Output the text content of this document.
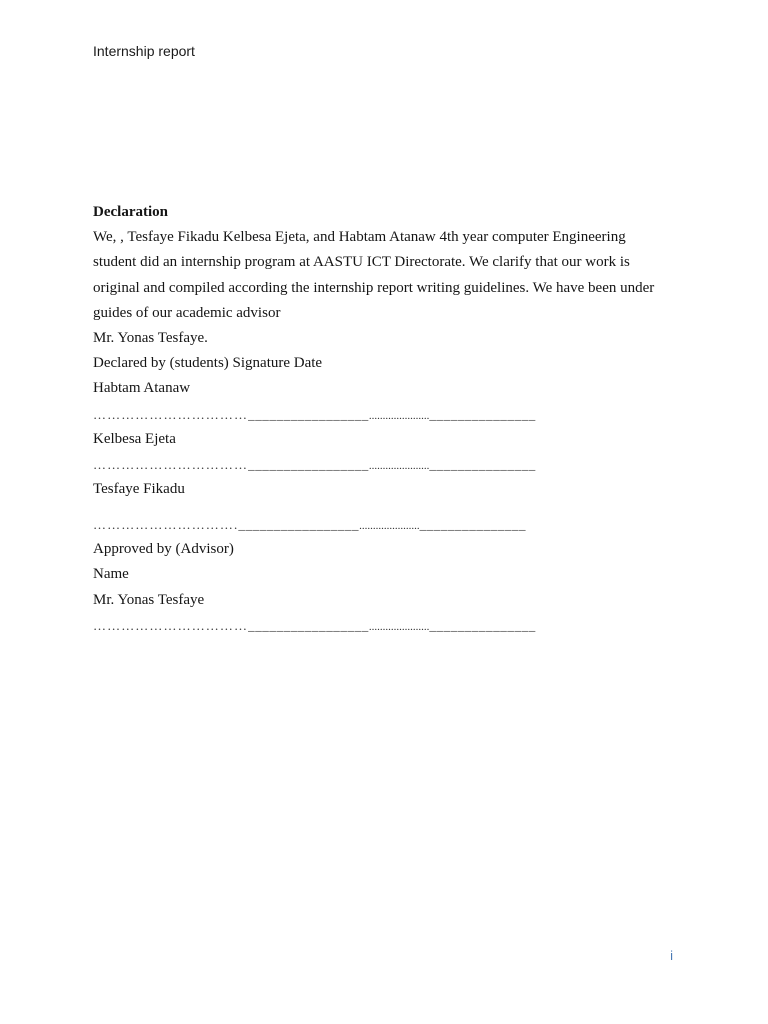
Internship report
Declaration
We, , Tesfaye Fikadu Kelbesa Ejeta, and Habtam Atanaw 4th year computer Engineering
student did an internship program at AASTU ICT Directorate. We clarify that our work is
original and compiled according the internship report writing guidelines. We have been under
guides of our academic advisor
Mr. Yonas Tesfaye.
Declared by (students) Signature Date
Habtam Atanaw
……………………………_________________......................_______________
Kelbesa Ejeta
……………………………_________________......................_______________
Tesfaye Fikadu
…………………………._________________......................_______________
Approved by (Advisor)
Name
Mr. Yonas Tesfaye
……………………………_________________......................_______________
i
